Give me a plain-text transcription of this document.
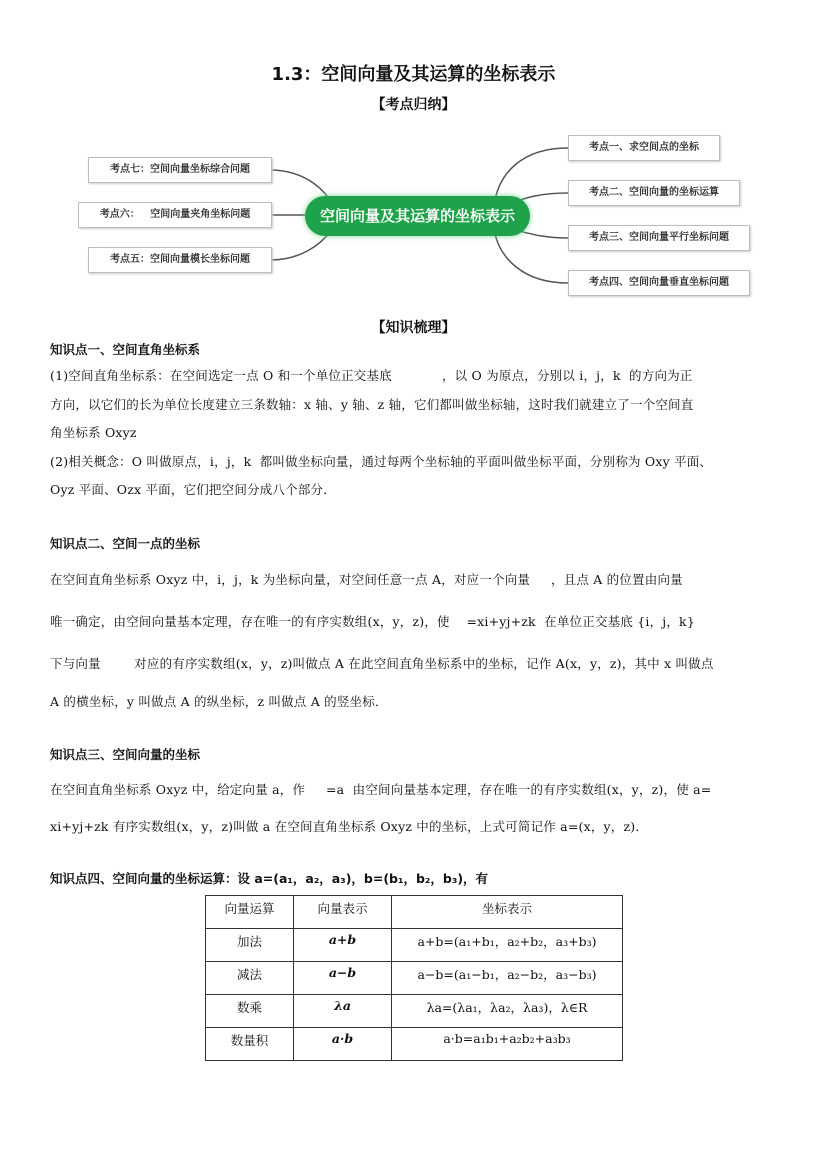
1.3：空间向量及其运算的坐标表示
【考点归纳】
考点七：空间向量坐标综合问题
考点六：   空间向量夹角坐标问题
考点五：空间向量模长坐标问题
考点一、求空间点的坐标
考点二、空间向量的坐标运算
考点三、空间向量平行坐标问题
考点四、空间向量垂直坐标问题
空间向量及其运算的坐标表示
【知识梳理】
知识点一、空间直角坐标系
(1)空间直角坐标系：在空间选定一点 O 和一个单位正交基底            ，以 O 为原点，分别以 i，j，k  的方向为正
方向，以它们的长为单位长度建立三条数轴：x 轴、y 轴、z 轴，它们都叫做坐标轴，这时我们就建立了一个空间直
角坐标系 Oxyz
(2)相关概念：O 叫做原点，i，j，k  都叫做坐标向量，通过每两个坐标轴的平面叫做坐标平面，分别称为 Oxy 平面、
Oyz 平面、Ozx 平面，它们把空间分成八个部分．
知识点二、空间一点的坐标
在空间直角坐标系 Oxyz 中，i，j，k 为坐标向量，对空间任意一点 A，对应一个向量     ，且点 A 的位置由向量
唯一确定，由空间向量基本定理，存在唯一的有序实数组(x，y，z)，使    =xi+yj+zk  在单位正交基底 {i，j，k}
下与向量        对应的有序实数组(x，y，z)叫做点 A 在此空间直角坐标系中的坐标，记作 A(x，y，z)，其中 x 叫做点
A 的横坐标，y 叫做点 A 的纵坐标，z 叫做点 A 的竖坐标．
知识点三、空间向量的坐标
在空间直角坐标系 Oxyz 中，给定向量 a，作     =a  由空间向量基本定理，存在唯一的有序实数组(x，y，z)，使 a=
xi+yj+zk 有序实数组(x，y，z)叫做 a 在空间直角坐标系 Oxyz 中的坐标，上式可简记作 a=(x，y，z)．
知识点四、空间向量的坐标运算：设 a=(a₁，a₂，a₃)，b=(b₁，b₂，b₃)，有
向量运算	向量表示	坐标表示
加法	a+b	a+b=(a₁+b₁，a₂+b₂，a₃+b₃)
减法	a−b	a−b=(a₁−b₁，a₂−b₂，a₃−b₃)
数乘	λa	λa=(λa₁，λa₂，λa₃)，λ∈R
数量积	a·b	a·b=a₁b₁+a₂b₂+a₃b₃
